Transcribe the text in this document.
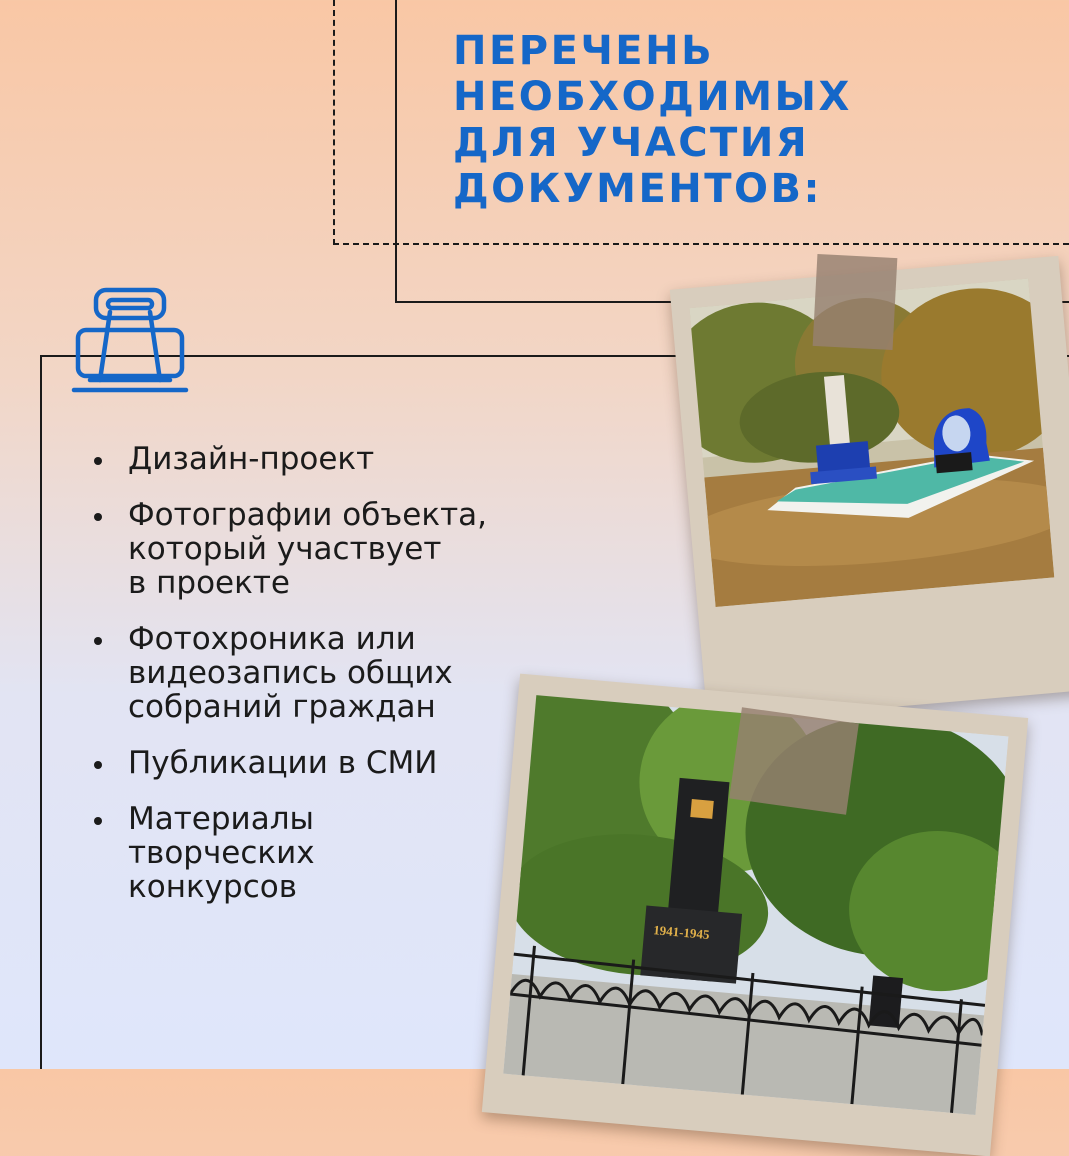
ПЕРЕЧЕНЬ
НЕОБХОДИМЫХ
ДЛЯ УЧАСТИЯ
ДОКУМЕНТОВ:
Дизайн-проект
Фотографии объекта,
который участвует
в проекте
Фотохроника или
видеозапись общих
собраний граждан
Публикации в СМИ
Материалы
творческих
конкурсов
1941-1945
